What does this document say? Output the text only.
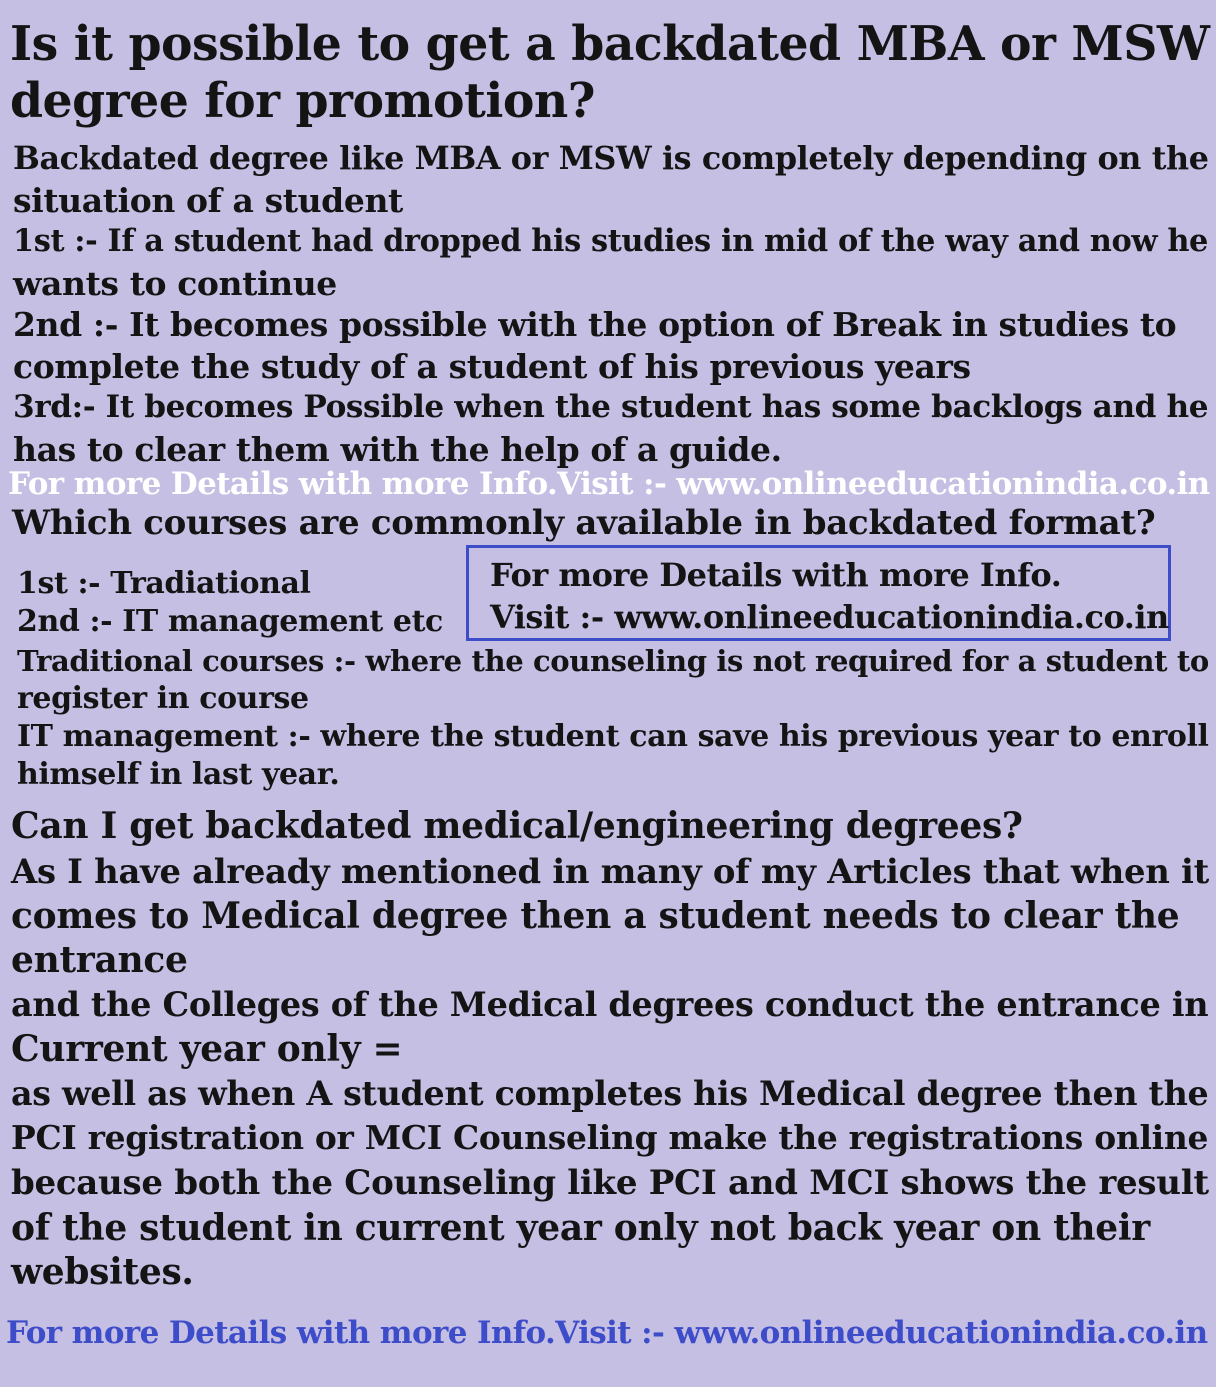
Is it possible to get a backdated MBA or MSW
degree for promotion?
Backdated degree like MBA or MSW is completely depending on the
situation of a student
1st :- If a student had dropped his studies in mid of the way and now he
wants to continue
2nd :- It becomes possible with the option of Break in studies to
complete the study of a student of his previous years
3rd:- It becomes Possible when the student has some backlogs and he
has to clear them with the help of a guide.
For more Details with more Info.Visit :- www.onlineeducationindia.co.in
Which courses are commonly available in backdated format?
1st :- Tradiational
2nd :- IT management etc
For more Details with more Info.
Visit :- www.onlineeducationindia.co.in
Traditional courses :- where the counseling is not required for a student to
register in course
IT management :- where the student can save his previous year to enroll
himself in last year.
Can I get backdated medical/engineering degrees?
As I have already mentioned in many of my Articles that when it
comes to Medical degree then a student needs to clear the
entrance
and the Colleges of the Medical degrees conduct the entrance in
Current year only =
as well as when A student completes his Medical degree then the
PCI registration or MCI Counseling make the registrations online
because both the Counseling like PCI and MCI shows the result
of the student in current year only not back year on their
websites.
For more Details with more Info.Visit :- www.onlineeducationindia.co.in
